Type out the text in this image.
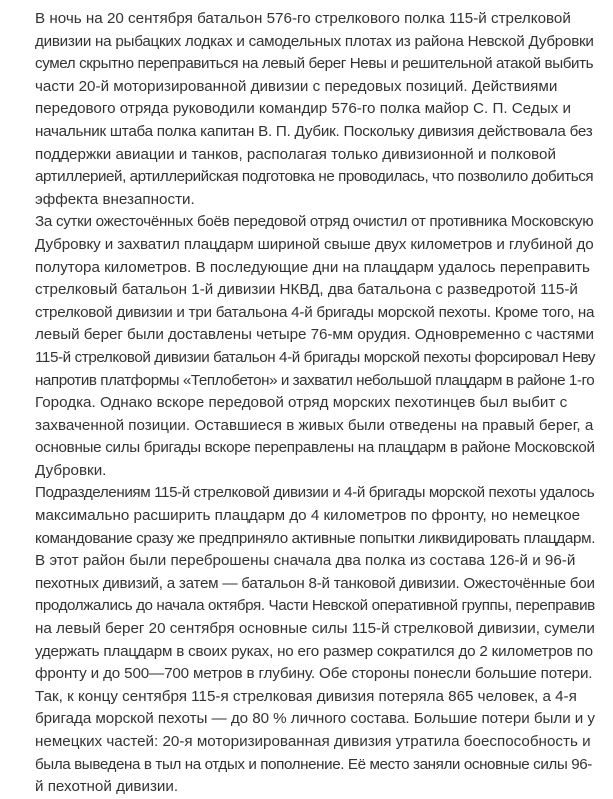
В ночь на 20 сентября батальон 576-го стрелкового полка 115-й стрелковой
дивизии на рыбацких лодках и самодельных плотах из района Невской Дубровки
сумел скрытно переправиться на левый берег Невы и решительной атакой выбить
части 20-й моторизированной дивизии с передовых позиций. Действиями
передового отряда руководили командир 576-го полка майор С. П. Седых и
начальник штаба полка капитан В. П. Дубик. Поскольку дивизия действовала без
поддержки авиации и танков, располагая только дивизионной и полковой
артиллерией, артиллерийская подготовка не проводилась, что позволило добиться
эффекта внезапности.

За сутки ожесточённых боёв передовой отряд очистил от противника Московскую
Дубровку и захватил плацдарм шириной свыше двух километров и глубиной до
полутора километров. В последующие дни на плацдарм удалось переправить
стрелковый батальон 1-й дивизии НКВД, два батальона с разведротой 115-й
стрелковой дивизии и три батальона 4-й бригады морской пехоты. Кроме того, на
левый берег были доставлены четыре 76-мм орудия. Одновременно с частями
115-й стрелковой дивизии батальон 4-й бригады морской пехоты форсировал Неву
напротив платформы «Теплобетон» и захватил небольшой плацдарм в районе 1-го
Городка. Однако вскоре передовой отряд морских пехотинцев был выбит с
захваченной позиции. Оставшиеся в живых были отведены на правый берег, а
основные силы бригады вскоре переправлены на плацдарм в районе Московской
Дубровки.

Подразделениям 115-й стрелковой дивизии и 4-й бригады морской пехоты удалось
максимально расширить плацдарм до 4 километров по фронту, но немецкое
командование сразу же предприняло активные попытки ликвидировать плацдарм.
В этот район были переброшены сначала два полка из состава 126-й и 96-й
пехотных дивизий, а затем — батальон 8-й танковой дивизии. Ожесточённые бои
продолжались до начала октября. Части Невской оперативной группы, переправив
на левый берег 20 сентября основные силы 115-й стрелковой дивизии, сумели
удержать плацдарм в своих руках, но его размер сократился до 2 километров по
фронту и до 500—700 метров в глубину. Обе стороны понесли большие потери.
Так, к концу сентября 115-я стрелковая дивизия потеряла 865 человек, а 4-я
бригада морской пехоты — до 80 % личного состава. Большие потери были и у
немецких частей: 20-я моторизированная дивизия утратила боеспособность и
была выведена в тыл на отдых и пополнение. Её место заняли основные силы 96-
й пехотной дивизии.
